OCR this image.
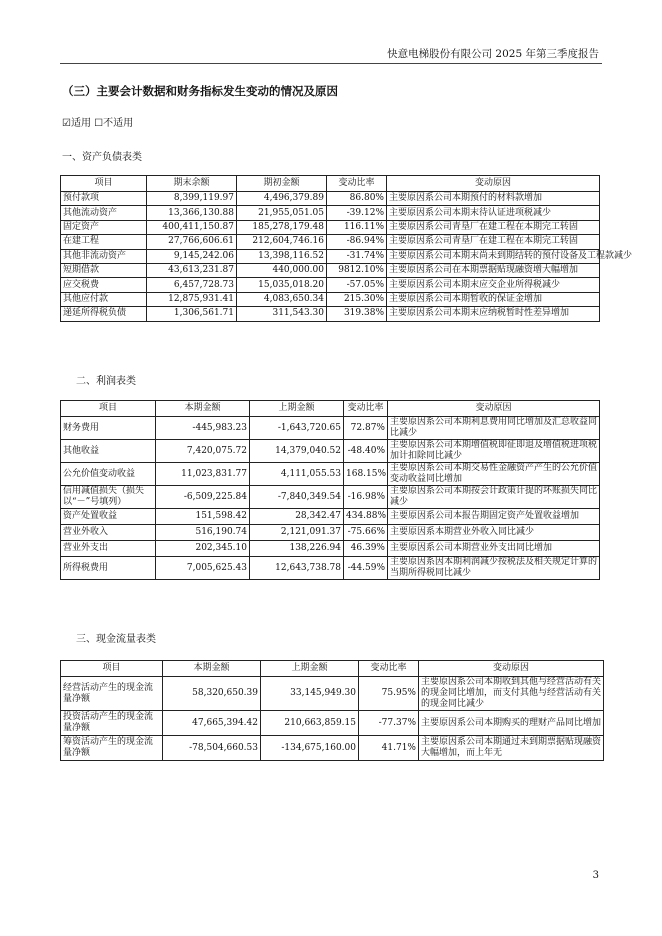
快意电梯股份有限公司 2025 年第三季度报告
（三）主要会计数据和财务指标发生变动的情况及原因
☑适用 ☐不适用
一、资产负债表类
项目	期末余额	期初金额	变动比率	变动原因
预付款项	8,399,119.97	4,496,379.89	86.80%	主要原因系公司本期预付的材料款增加
其他流动资产	13,366,130.88	21,955,051.05	-39.12%	主要原因系公司本期末待认证进项税减少
固定资产	400,411,150.87	185,278,179.48	116.11%	主要原因系公司青垦厂在建工程在本期完工转固
在建工程	27,766,606.61	212,604,746.16	-86.94%	主要原因系公司青垦厂在建工程在本期完工转固
其他非流动资产	9,145,242.06	13,398,116.52	-31.74%	主要原因系公司本期末尚未到期结转的预付设备及工程款减少
短期借款	43,613,231.87	440,000.00	9812.10%	主要原因系公司在本期票据贴现融资增大幅增加
应交税费	6,457,728.73	15,035,018.20	-57.05%	主要原因系公司本期末应交企业所得税减少
其他应付款	12,875,931.41	4,083,650.34	215.30%	主要原因系公司本期暂收的保证金增加
递延所得税负债	1,306,561.71	311,543.30	319.38%	主要原因系公司本期末应纳税暂时性差异增加
二、利润表类
项目	本期金额	上期金额	变动比率	变动原因
财务费用	-445,983.23	-1,643,720.65	72.87%	主要原因系公司本期利息费用同比增加及汇总收益同比减少
其他收益	7,420,075.72	14,379,040.52	-48.40%	主要原因系公司本期增值税即征即退及增值税进项税加计扣除同比减少
公允价值变动收益	11,023,831.77	4,111,055.53	168.15%	主要原因系公司本期交易性金融资产产生的公允价值变动收益同比增加
信用减值损失（损失以“－”号填列）	-6,509,225.84	-7,840,349.54	-16.98%	主要原因系公司本期按会计政策计提的坏账损失同比减少
资产处置收益	151,598.42	28,342.47	434.88%	主要原因系公司本报告期固定资产处置收益增加
营业外收入	516,190.74	2,121,091.37	-75.66%	主要原因系本期营业外收入同比减少
营业外支出	202,345.10	138,226.94	46.39%	主要原因系公司本期营业外支出同比增加
所得税费用	7,005,625.43	12,643,738.78	-44.59%	主要原因系因本期利润减少按税法及相关规定计算的当期所得税同比减少
三、现金流量表类
项目	本期金额	上期金额	变动比率	变动原因
经营活动产生的现金流量净额	58,320,650.39	33,145,949.30	75.95%	主要原因系公司本期收到其他与经营活动有关的现金同比增加，而支付其他与经营活动有关的现金同比减少
投资活动产生的现金流量净额	47,665,394.42	210,663,859.15	-77.37%	主要原因系公司本期购买的理财产品同比增加
筹资活动产生的现金流量净额	-78,504,660.53	-134,675,160.00	41.71%	主要原因系公司本期通过未到期票据贴现融资大幅增加，而上年无
3
